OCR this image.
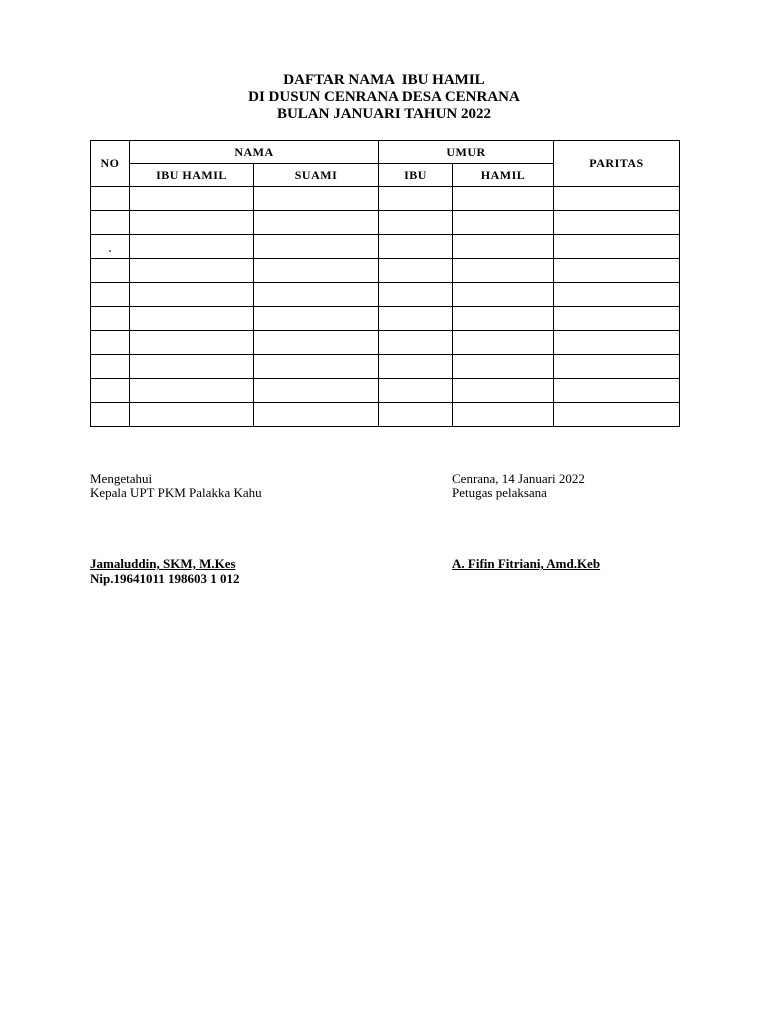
DAFTAR NAMA  IBU HAMIL
DI DUSUN CENRANA DESA CENRANA
BULAN JANUARI TAHUN 2022
NO	NAMA		UMUR		PARITAS
	IBU HAMIL	SUAMI	IBU	HAMIL	

Mengetahui
Kepala UPT PKM Palakka Kahu
Jamaluddin, SKM, M.Kes
Nip.19641011 198603 1 012
Cenrana, 14 Januari 2022
Petugas pelaksana
A. Fifin Fitriani, Amd.Keb
